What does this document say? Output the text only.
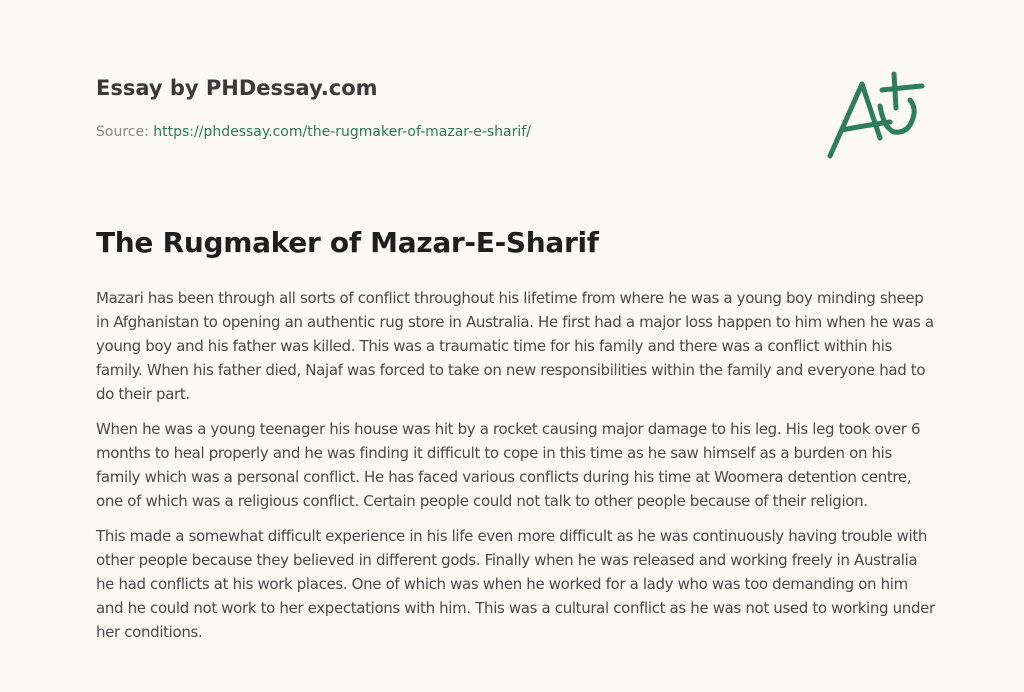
Essay by PHDessay.com
Source: https://phdessay.com/the-rugmaker-of-mazar-e-sharif/
The Rugmaker of Mazar-E-Sharif

Mazari has been through all sorts of conflict throughout his lifetime from where he was a young boy minding sheep in Afghanistan to opening an authentic rug store in Australia. He first had a major loss happen to him when he was a young boy and his father was killed. This was a traumatic time for his family and there was a conflict within his family. When his father died, Najaf was forced to take on new responsibilities within the family and everyone had to do their part.

When he was a young teenager his house was hit by a rocket causing major damage to his leg. His leg took over 6 months to heal properly and he was finding it difficult to cope in this time as he saw himself as a burden on his family which was a personal conflict. He has faced various conflicts during his time at Woomera detention centre, one of which was a religious conflict. Certain people could not talk to other people because of their religion.

This made a somewhat difficult experience in his life even more difficult as he was continuously having trouble with other people because they believed in different gods. Finally when he was released and working freely in Australia he had conflicts at his work places. One of which was when he worked for a lady who was too demanding on him and he could not work to her expectations with him. This was a cultural conflict as he was not used to working under her conditions.
